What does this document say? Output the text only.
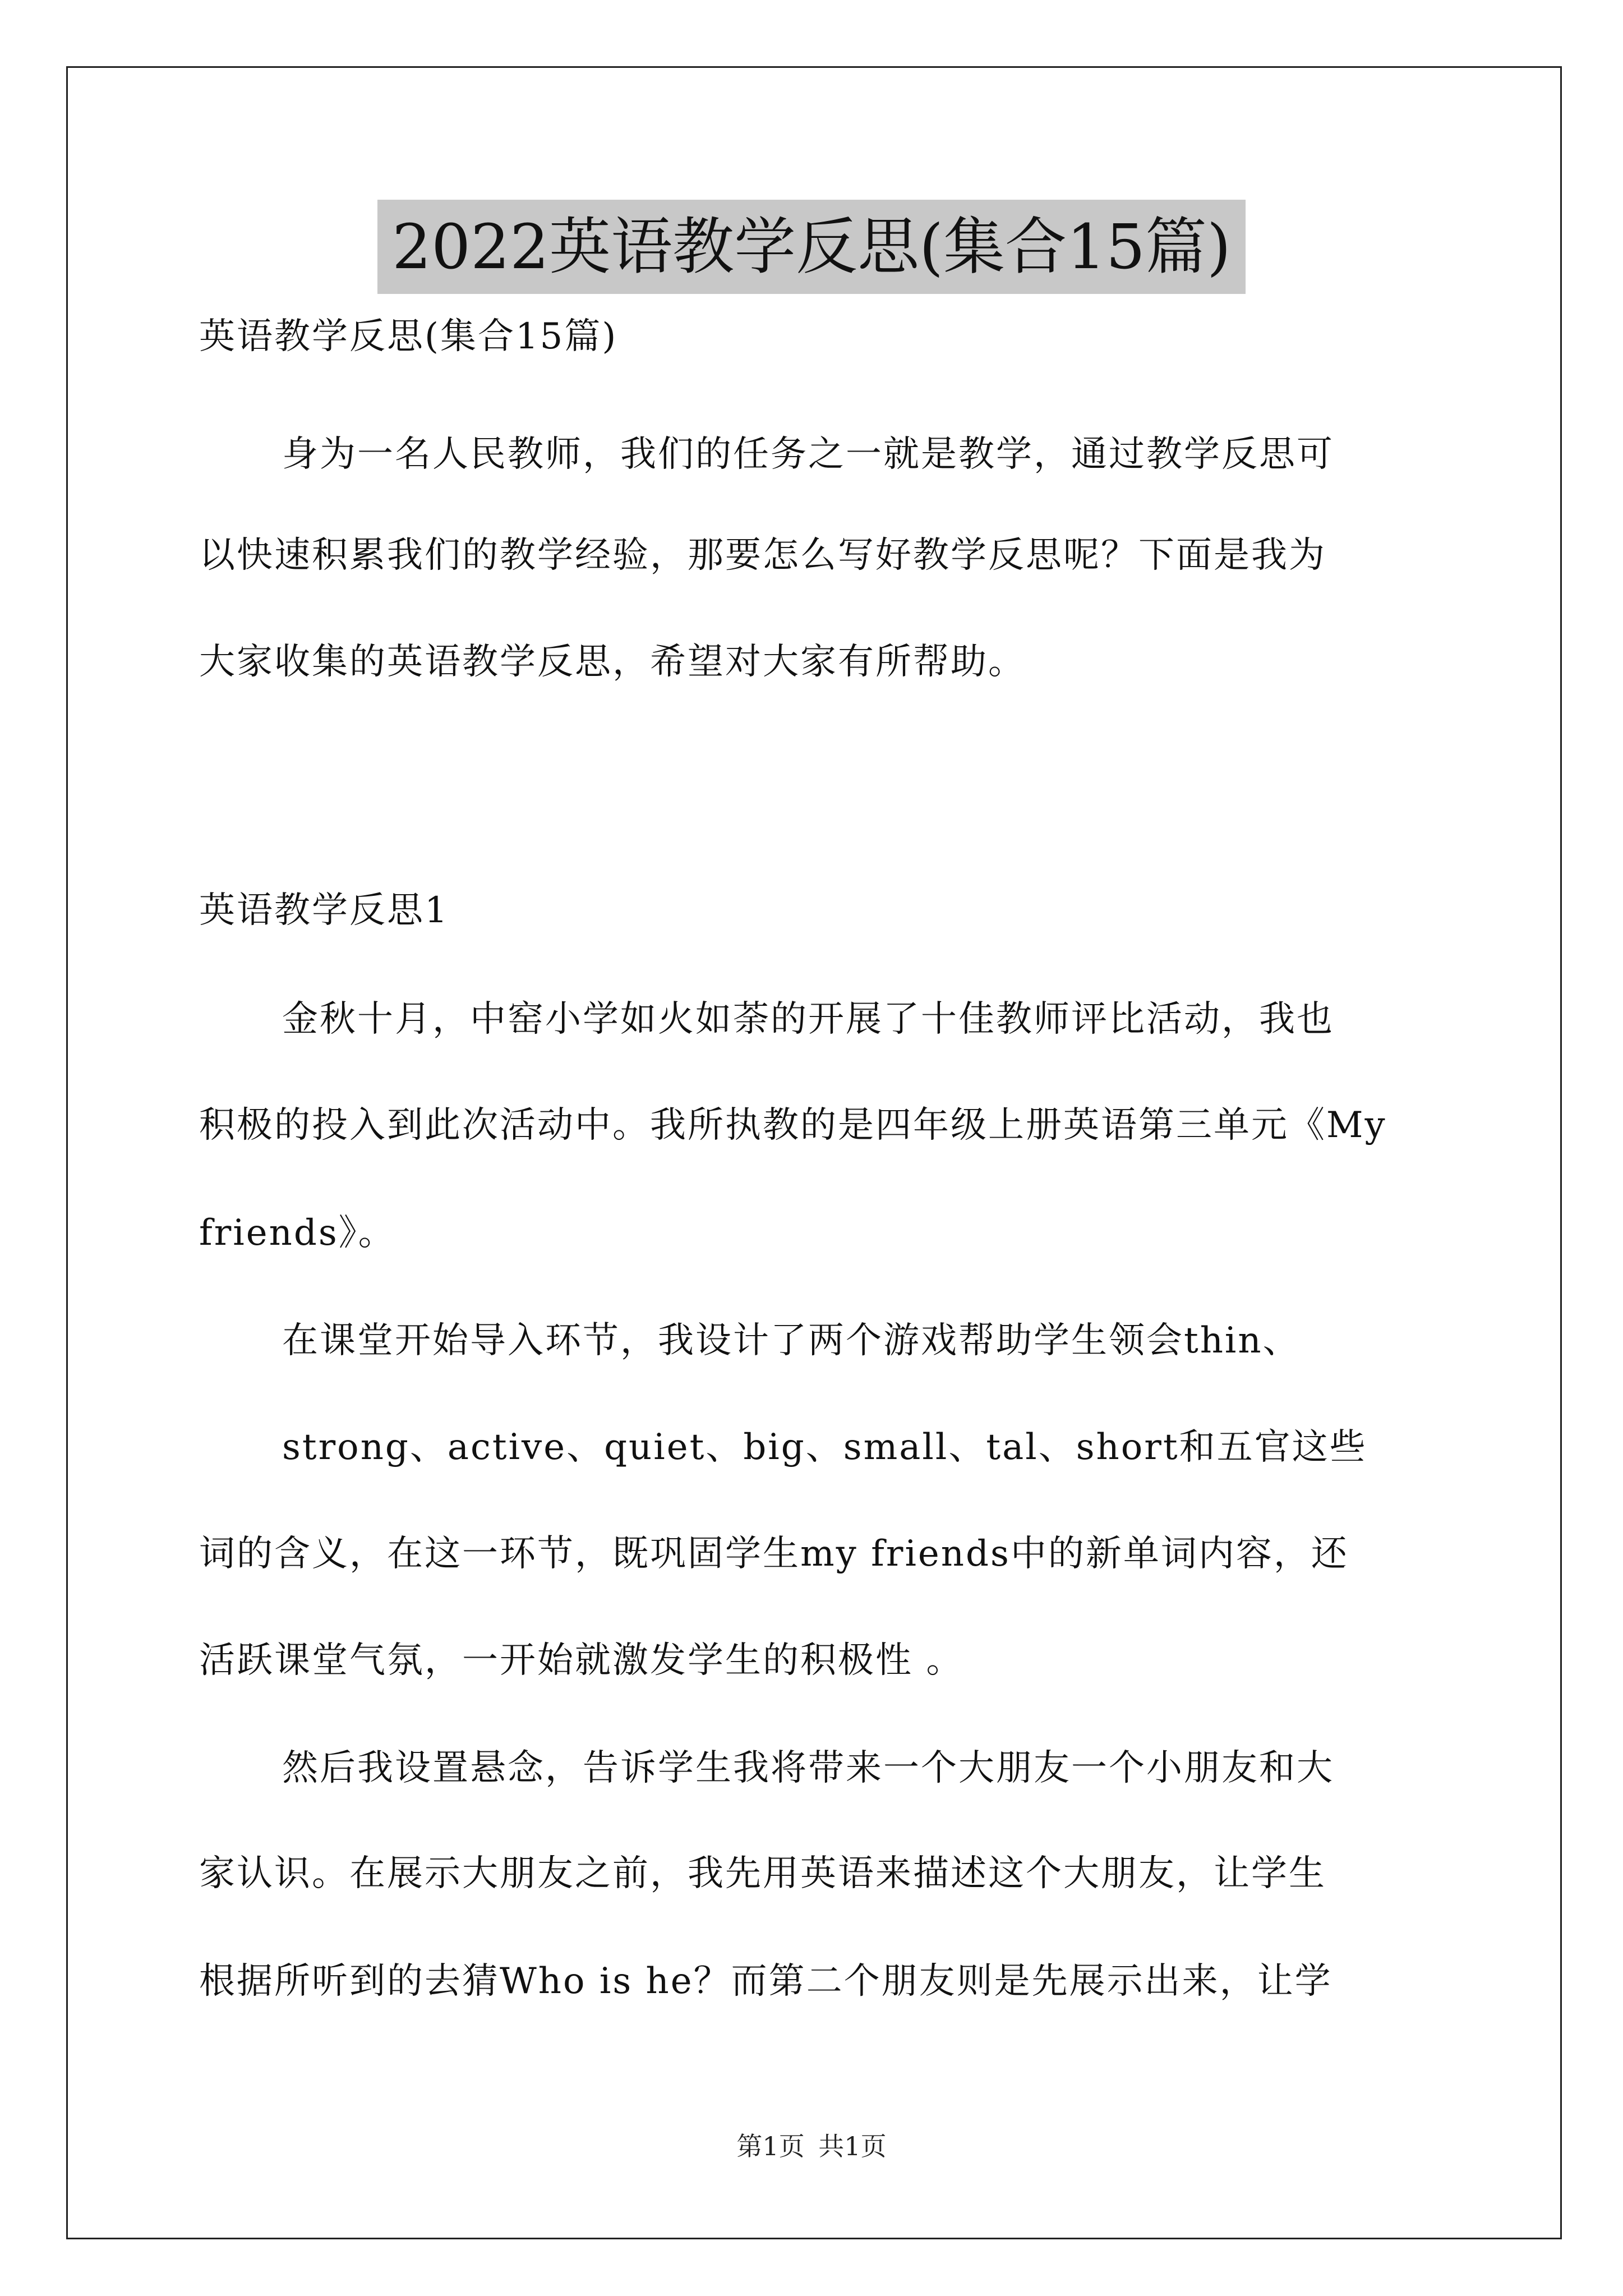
2022英语教学反思(集合15篇)
英语教学反思(集合15篇)
身为一名人民教师，我们的任务之一就是教学，通过教学反思可
以快速积累我们的教学经验，那要怎么写好教学反思呢？下面是我为
大家收集的英语教学反思，希望对大家有所帮助。
英语教学反思1
金秋十月，中窑小学如火如荼的开展了十佳教师评比活动，我也
积极的投入到此次活动中。我所执教的是四年级上册英语第三单元《My
friends》。
在课堂开始导入环节，我设计了两个游戏帮助学生领会thin、
strong、active、quiet、big、small、tal、short和五官这些
词的含义，在这一环节，既巩固学生my friends中的新单词内容，还
活跃课堂气氛，一开始就激发学生的积极性 。
然后我设置悬念，告诉学生我将带来一个大朋友一个小朋友和大
家认识。在展示大朋友之前，我先用英语来描述这个大朋友，让学生
根据所听到的去猜Who is he？而第二个朋友则是先展示出来，让学
第1页 共1页
